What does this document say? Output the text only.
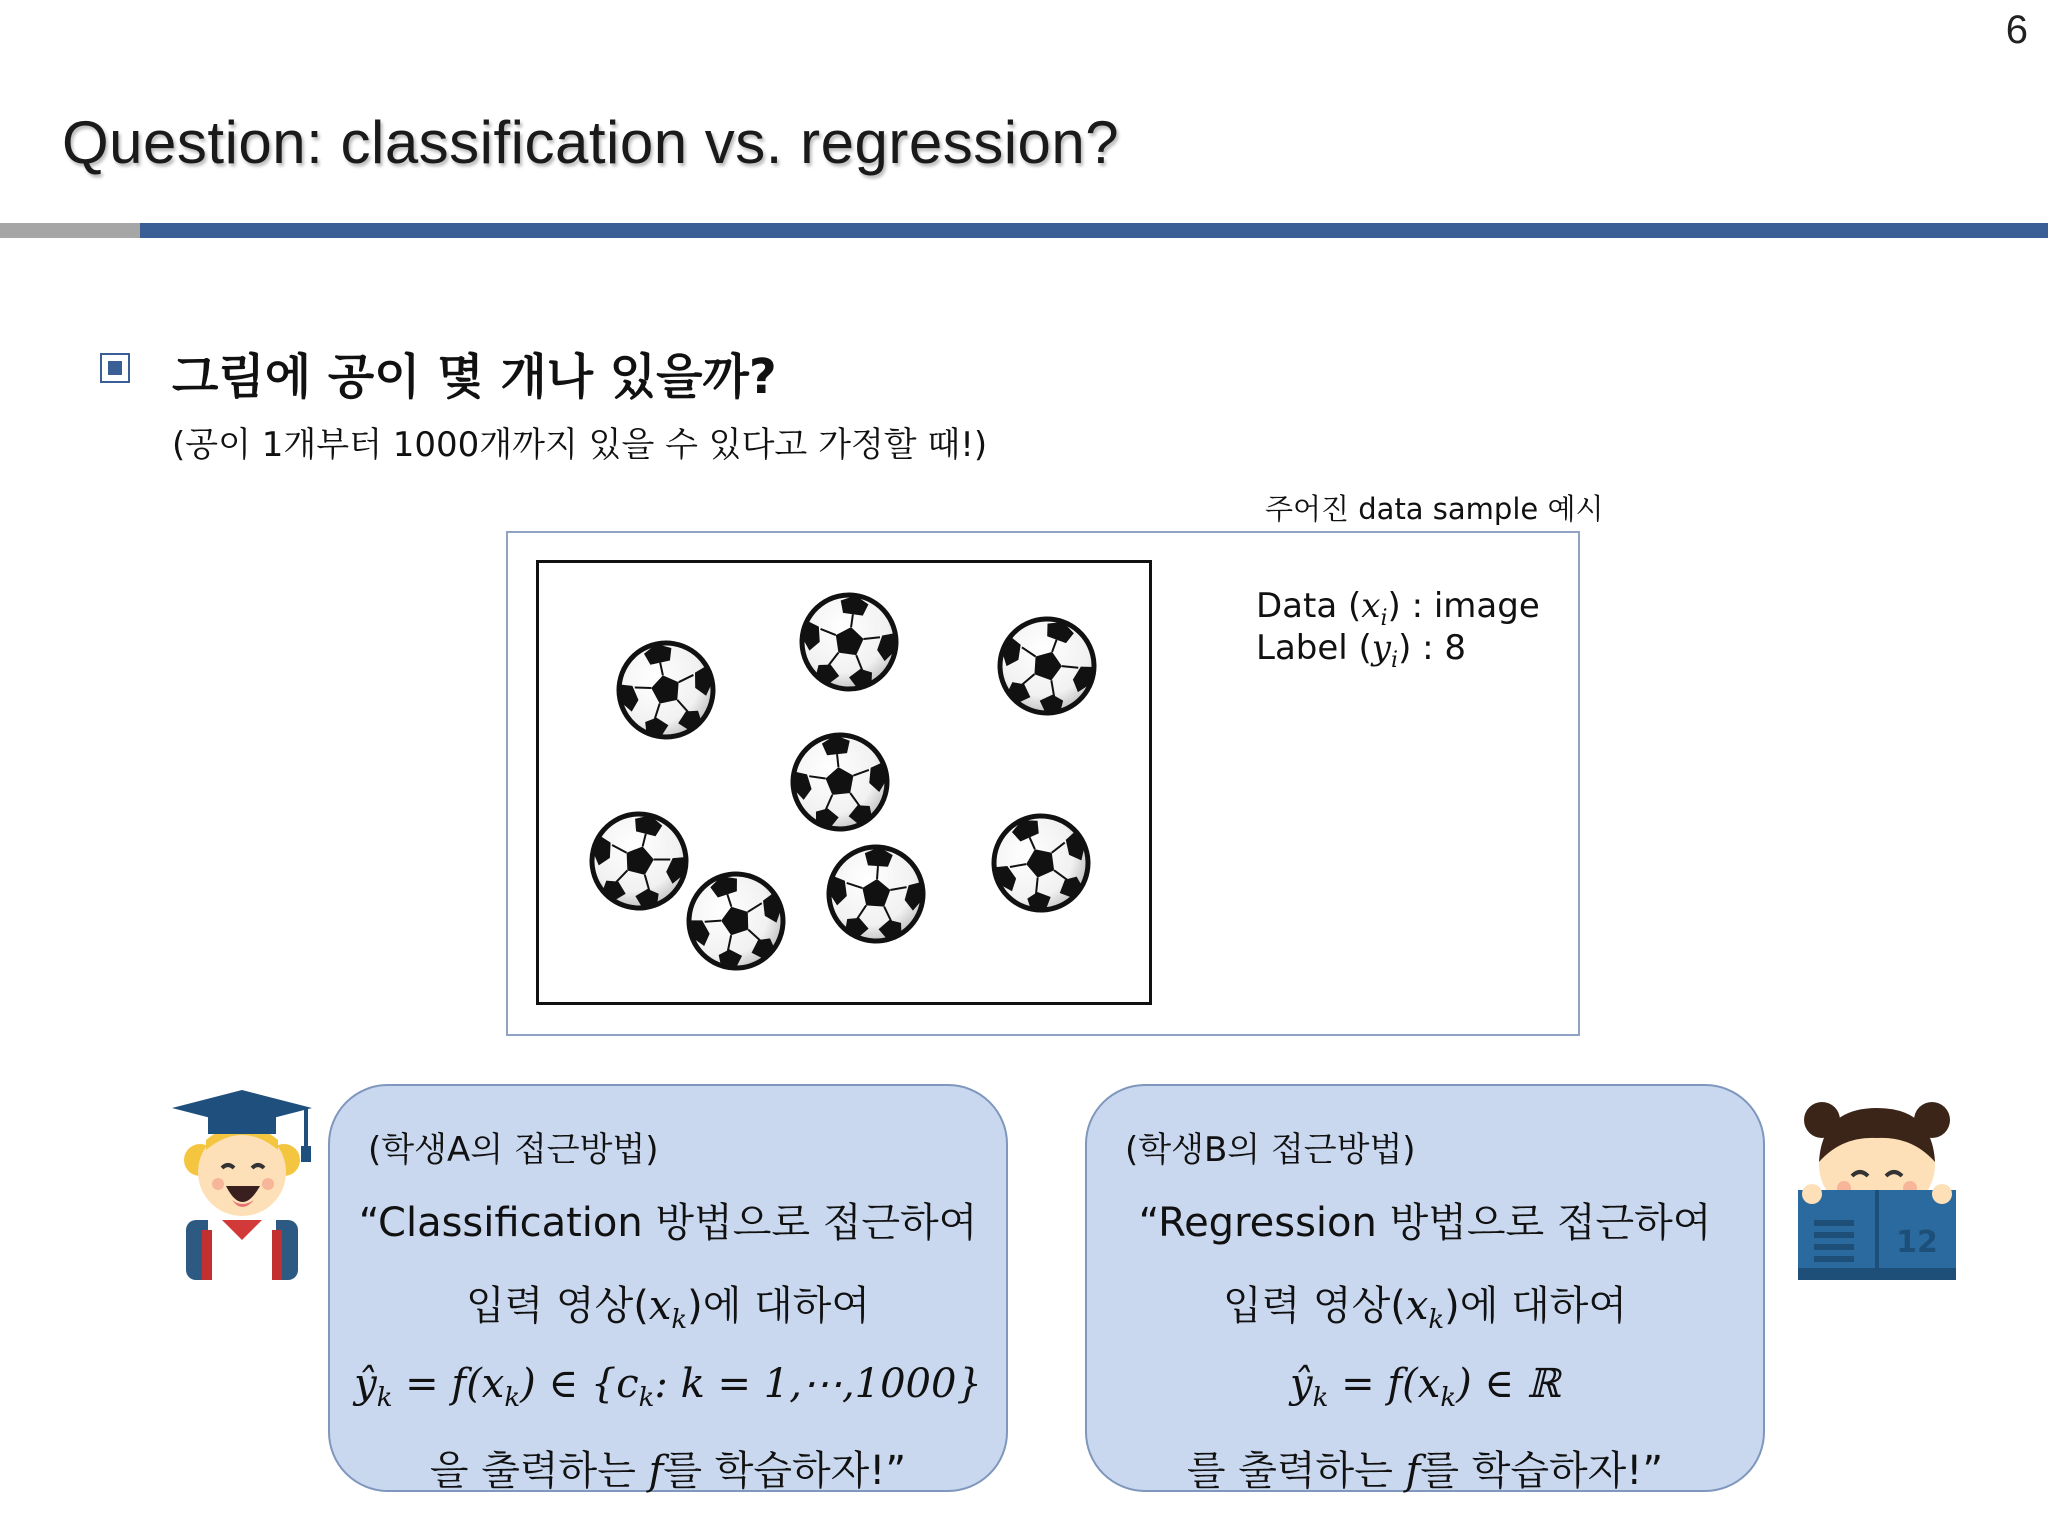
6
Question: classification vs. regression?
그림에 공이 몇 개나 있을까?
(공이 1개부터 1000개까지 있을 수 있다고 가정할 때!)
주어진 data sample 예시
Data $(x_i)$ : image
Label $(y_i)$ : 8
12
(학생A의 접근방법)
“Classification 방법으로 접근하여
입력 영상$(x_k)$에 대하여
$ŷ_k = f(x_k)$ ∈ {$c_k$: k = 1,⋯,1000}
을 출력하는 f를 학습하자!”
(학생B의 접근방법)
“Regression 방법으로 접근하여
입력 영상$(x_k)$에 대하여
$ŷ_k = f(x_k)$ ∈ ℝ
를 출력하는 f를 학습하자!”
